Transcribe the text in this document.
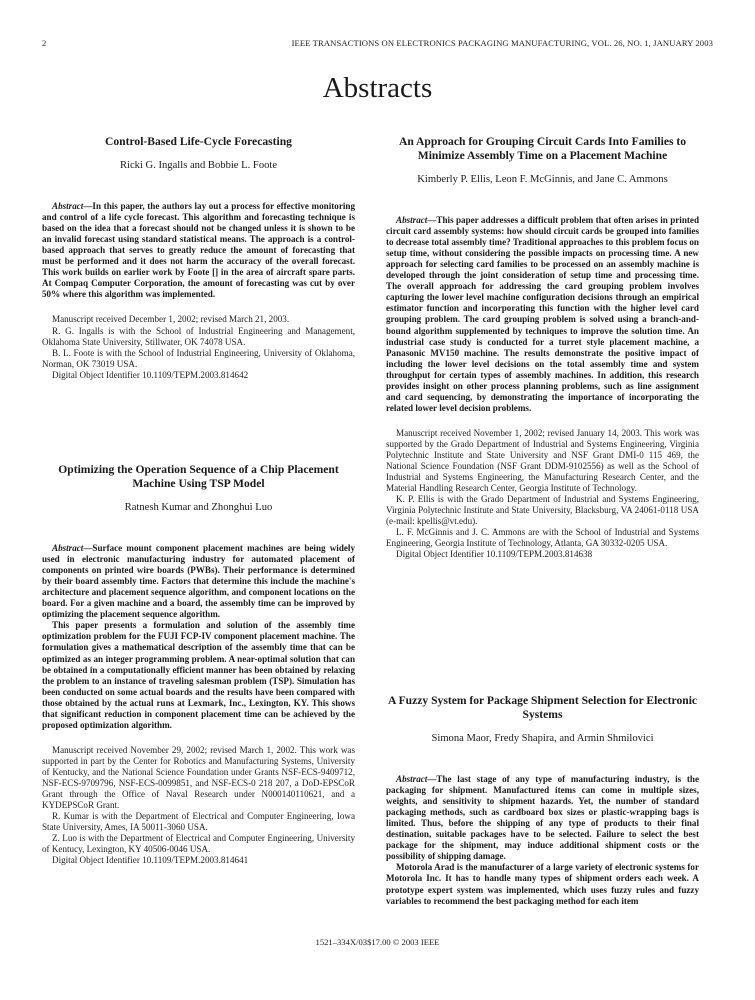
2	IEEE TRANSACTIONS ON ELECTRONICS PACKAGING MANUFACTURING, VOL. 26, NO. 1, JANUARY 2003
Abstracts

Control-Based Life-Cycle Forecasting

Ricki G. Ingalls and Bobbie L. Foote

Abstract—In this paper, the authors lay out a process for effective monitoring and control of a life cycle forecast. This algorithm and forecasting technique is based on the idea that a forecast should not be changed unless it is shown to be an invalid forecast using standard statistical means. The approach is a control-based approach that serves to greatly reduce the amount of forecasting that must be performed and it does not harm the accuracy of the overall forecast. This work builds on earlier work by Foote [] in the area of aircraft spare parts. At Compaq Computer Corporation, the amount of forecasting was cut by over 50% where this algorithm was implemented.

Manuscript received December 1, 2002; revised March 21, 2003.

R. G. Ingalls is with the School of Industrial Engineering and Management, Oklahoma State University, Stillwater, OK 74078 USA.

B. L. Foote is with the School of Industrial Engineering, University of Oklahoma, Norman, OK 73019 USA.

Digital Object Identifier 10.1109/TEPM.2003.814642

Optimizing the Operation Sequence of a Chip Placement Machine Using TSP Model

Ratnesh Kumar and Zhonghui Luo

Abstract—Surface mount component placement machines are being widely used in electronic manufacturing industry for automated placement of components on printed wire boards (PWBs). Their performance is determined by their board assembly time. Factors that determine this include the machine's architecture and placement sequence algorithm, and component locations on the board. For a given machine and a board, the assembly time can be improved by optimizing the placement sequence algorithm.

This paper presents a formulation and solution of the assembly time optimization problem for the FUJI FCP-IV component placement machine. The formulation gives a mathematical description of the assembly time that can be optimized as an integer programming problem. A near-optimal solution that can be obtained in a computationally efficient manner has been obtained by relaxing the problem to an instance of traveling salesman problem (TSP). Simulation has been conducted on some actual boards and the results have been compared with those obtained by the actual runs at Lexmark, Inc., Lexington, KY. This shows that significant reduction in component placement time can be achieved by the proposed optimization algorithm.

Manuscript received November 29, 2002; revised March 1, 2002. This work was supported in part by the Center for Robotics and Manufacturing Systems, University of Kentucky, and the National Science Foundation under Grants NSF-ECS-9409712, NSF-ECS-9709796, NSF-ECS-0099851, and NSF-ECS-0 218 207, a DoD-EPSCoR Grant through the Office of Naval Research under N000140110621, and a KYDEPSCoR Grant.

R. Kumar is with the Department of Electrical and Computer Engineering, Iowa State University, Ames, IA 50011-3060 USA.

Z. Luo is with the Department of Electrical and Computer Engineering, University of Kentucy, Lexington, KY 40506-0046 USA.

Digital Object Identifier 10.1109/TEPM.2003.814641

An Approach for Grouping Circuit Cards Into Families to Minimize Assembly Time on a Placement Machine

Kimberly P. Ellis, Leon F. McGinnis, and Jane C. Ammons

Abstract—This paper addresses a difficult problem that often arises in printed circuit card assembly systems: how should circuit cards be grouped into families to decrease total assembly time? Traditional approaches to this problem focus on setup time, without considering the possible impacts on processing time. A new approach for selecting card families to be processed on an assembly machine is developed through the joint consideration of setup time and processing time. The overall approach for addressing the card grouping problem involves capturing the lower level machine configuration decisions through an empirical estimator function and incorporating this function with the higher level card grouping problem. The card grouping problem is solved using a branch-and-bound algorithm supplemented by techniques to improve the solution time. An industrial case study is conducted for a turret style placement machine, a Panasonic MV150 machine. The results demonstrate the positive impact of including the lower level decisions on the total assembly time and system throughput for certain types of assembly machines. In addition, this research provides insight on other process planning problems, such as line assignment and card sequencing, by demonstrating the importance of incorporating the related lower level decision problems.

Manuscript received November 1, 2002; revised January 14, 2003. This work was supported by the Grado Department of Industrial and Systems Engineering, Virginia Polytechnic Institute and State University and NSF Grant DMI-0 115 469, the National Science Foundation (NSF Grant DDM-9102556) as well as the School of Industrial and Systems Engineering, the Manufacturing Research Center, and the Material Handling Research Center, Georgia Institute of Technology.

K. P. Ellis is with the Grado Department of Industrial and Systems Engineering, Virginia Polytechnic Institute and State University, Blacksburg, VA 24061-0118 USA (e-mail: kpellis@vt.edu).

L. F. McGinnis and J. C. Ammons are with the School of Industrial and Systems Engineering, Georgia Institute of Technology, Atlanta, GA 30332-0205 USA.

Digital Object Identifier 10.1109/TEPM.2003.814638

A Fuzzy System for Package Shipment Selection for Electronic Systems

Simona Maor, Fredy Shapira, and Armin Shmilovici

Abstract—The last stage of any type of manufacturing industry, is the packaging for shipment. Manufactured items can come in multiple sizes, weights, and sensitivity to shipment hazards. Yet, the number of standard packaging methods, such as cardboard box sizes or plastic-wrapping bags is limited. Thus, before the shipping of any type of products to their final destination, suitable packages have to be selected. Failure to select the best package for the shipment, may induce additional shipment costs or the possibility of shipping damage.

Motorola Arad is the manufacturer of a large variety of electronic systems for Motorola Inc. It has to handle many types of shipment orders each week. A prototype expert system was implemented, which uses fuzzy rules and fuzzy variables to recommend the best packaging method for each item

1521–334X/03$17.00 © 2003 IEEE
